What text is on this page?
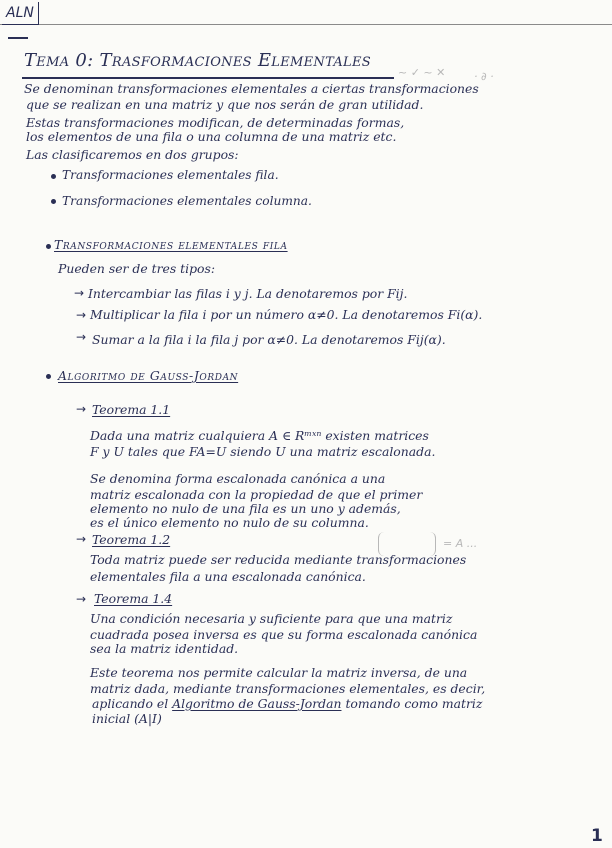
ALN
Tema 0: Trasformaciones Elementales
~ ✓ ~ ✕	· ∂ ·
Se denominan transformaciones elementales a ciertas transformaciones
que se realizan en una matriz y que nos serán de gran utilidad.
Estas transformaciones modifican, de determinadas formas,
los elementos de una fila o una columna de una matriz etc.
Las clasificaremos en dos grupos:
Transformaciones elementales fila.
Transformaciones elementales columna.
Transformaciones elementales fila
Pueden ser de tres tipos:
→ Intercambiar las filas i y j. La denotaremos por Fij.
→ Multiplicar la fila i por un número α≠0. La denotaremos Fi(α).
→ Sumar a la fila i la fila j por α≠0. La denotaremos Fij(α).
Algoritmo de Gauss-Jordan
→ Teorema 1.1
Dada una matriz cualquiera A ∈ Rᵐˣⁿ existen matrices
F y U tales que FA=U siendo U una matriz escalonada.
Se denomina forma escalonada canónica a una
matriz escalonada con la propiedad de que el primer
elemento no nulo de una fila es un uno y además,
es el único elemento no nulo de su columna.
→ Teorema 1.2	= A ...
Toda matriz puede ser reducida mediante transformaciones
elementales fila a una escalonada canónica.
→ Teorema 1.4
Una condición necesaria y suficiente para que una matriz
cuadrada posea inversa es que su forma escalonada canónica
sea la matriz identidad.
Este teorema nos permite calcular la matriz inversa, de una
matriz dada, mediante transformaciones elementales, es decir,
aplicando el Algoritmo de Gauss-Jordan tomando como matriz
inicial (A|I)
1
